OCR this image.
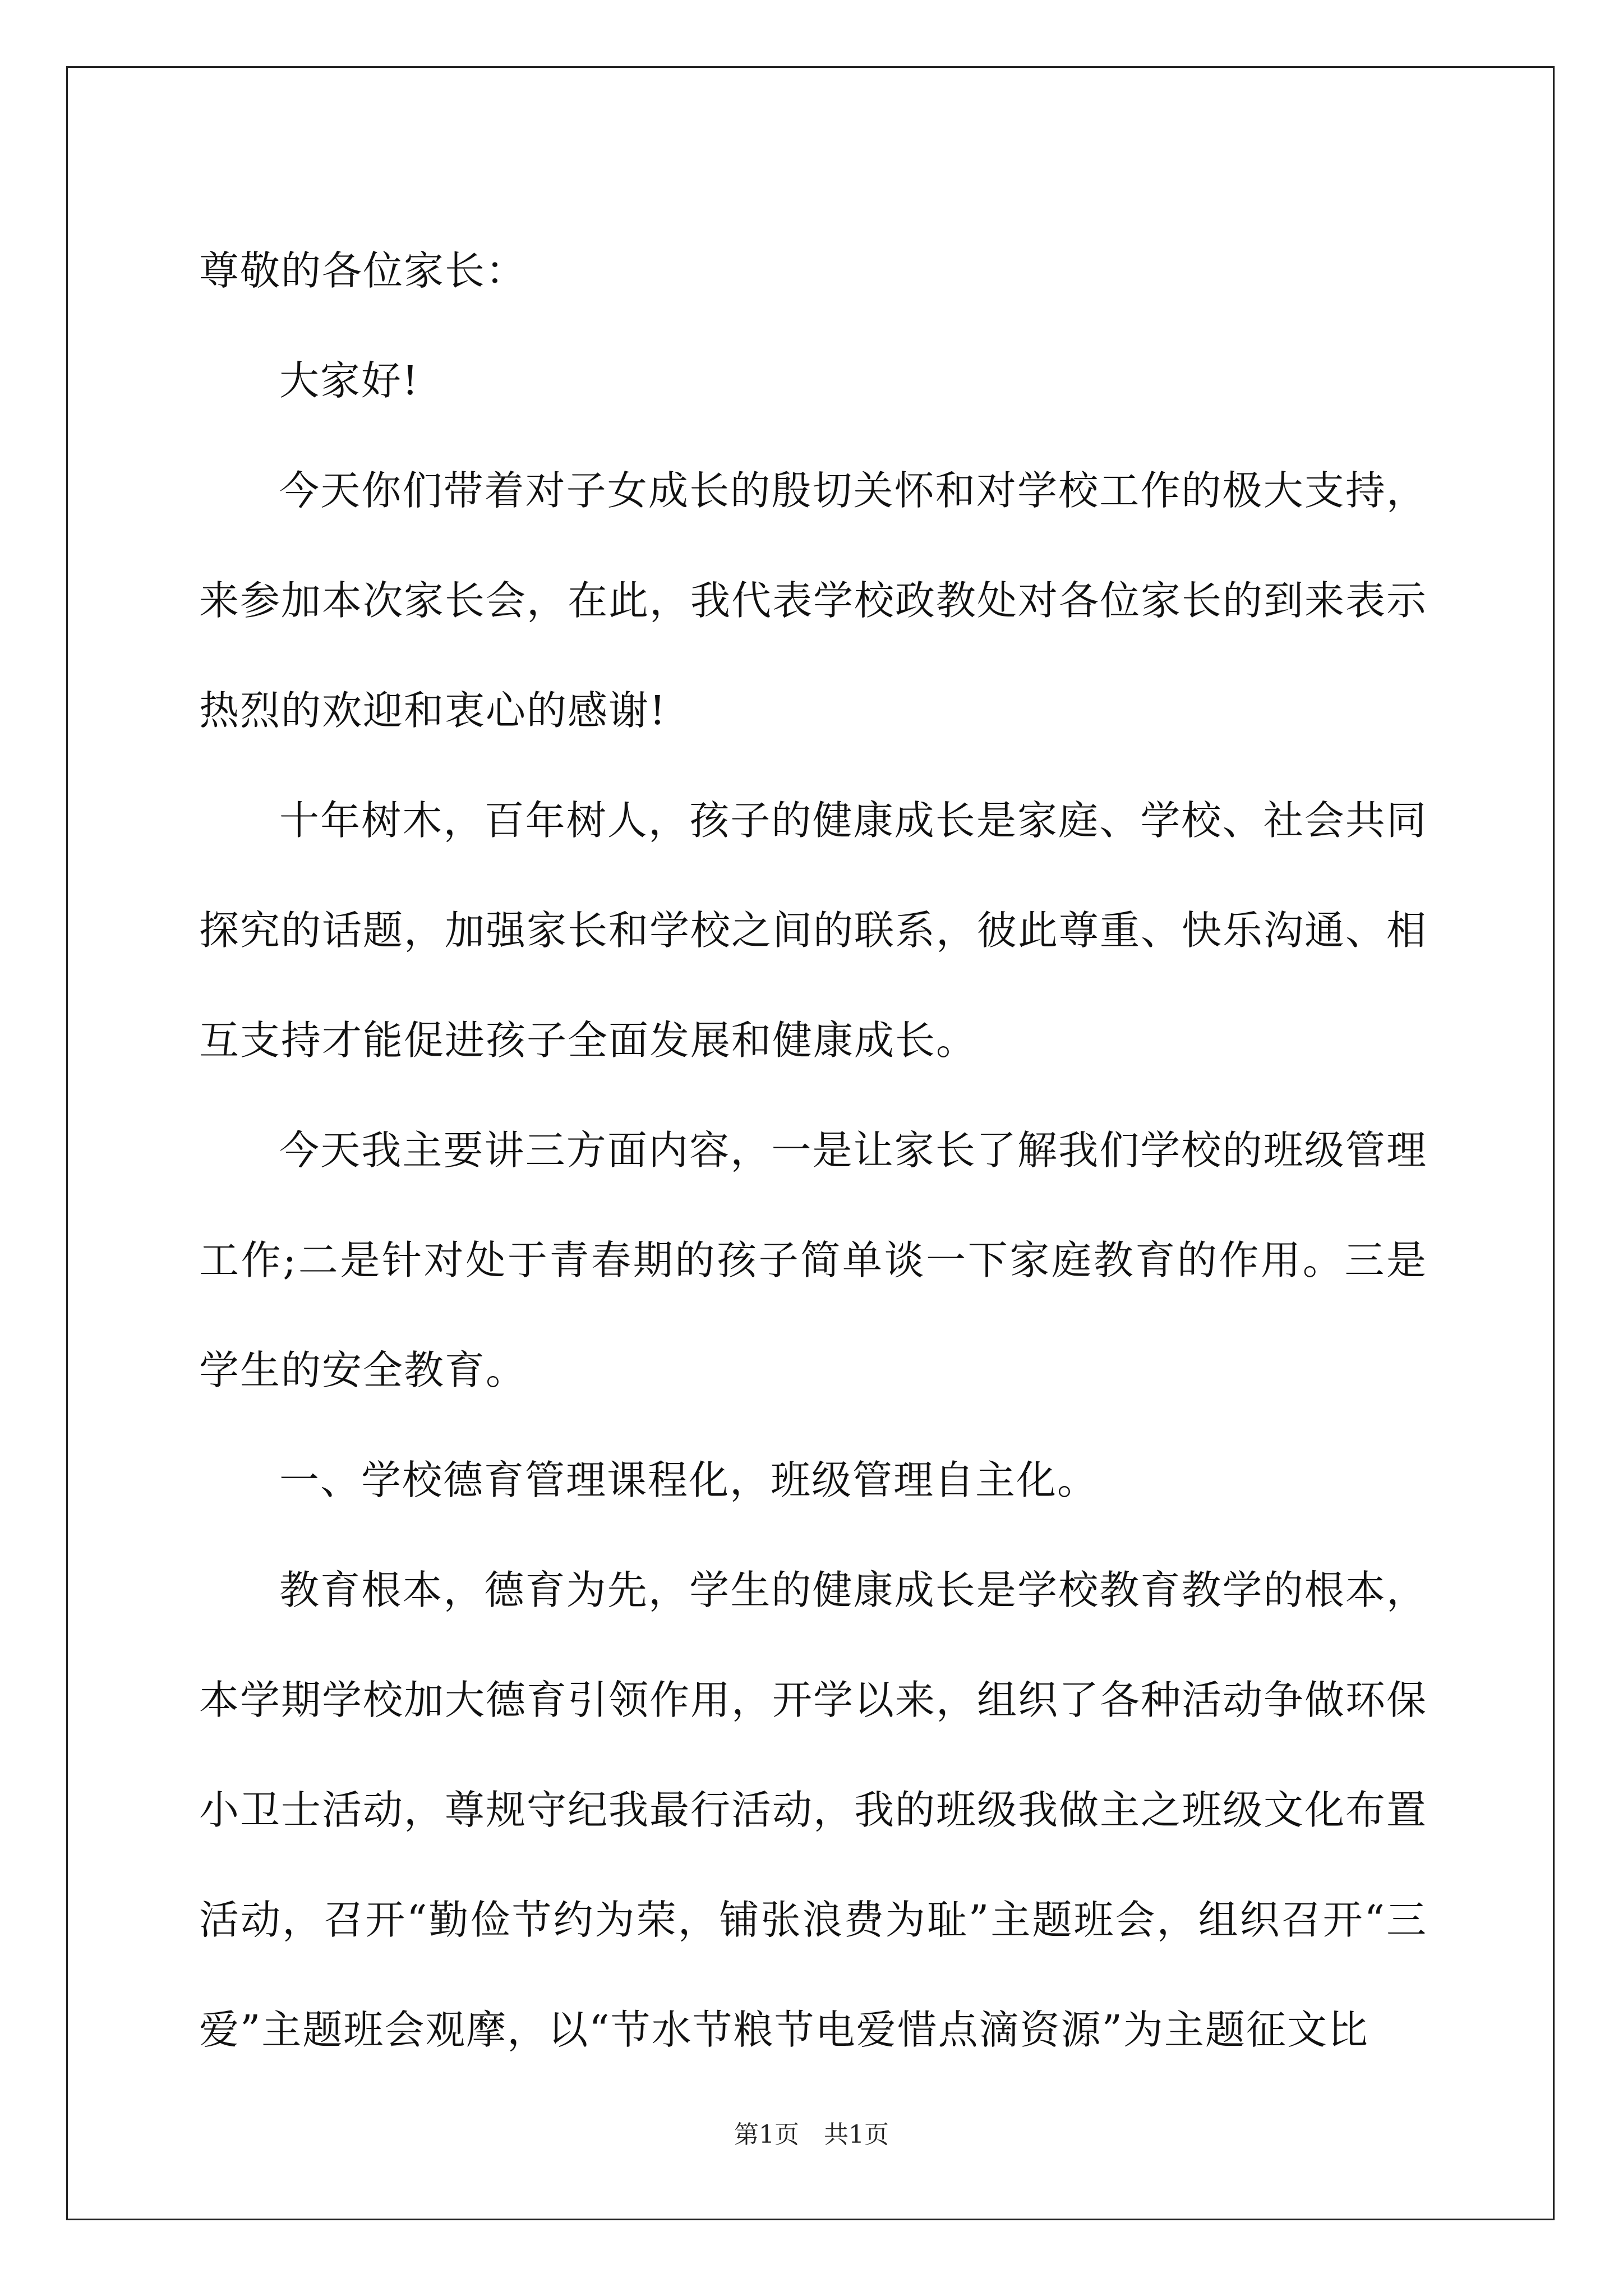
尊敬的各位家长：

大家好!

今天你们带着对子女成长的殷切关怀和对学校工作的极大支持，来参加本次家长会，在此，我代表学校政教处对各位家长的到来表示热烈的欢迎和衷心的感谢!

十年树木，百年树人，孩子的健康成长是家庭、学校、社会共同探究的话题，加强家长和学校之间的联系，彼此尊重、快乐沟通、相互支持才能促进孩子全面发展和健康成长。

今天我主要讲三方面内容，一是让家长了解我们学校的班级管理工作;二是针对处于青春期的孩子简单谈一下家庭教育的作用。三是学生的安全教育。

一、学校德育管理课程化，班级管理自主化。

教育根本，德育为先，学生的健康成长是学校教育教学的根本，本学期学校加大德育引领作用，开学以来，组织了各种活动争做环保小卫士活动，尊规守纪我最行活动，我的班级我做主之班级文化布置活动，召开“勤俭节约为荣，铺张浪费为耻”主题班会，组织召开“三爱”主题班会观摩，以“节水节粮节电爱惜点滴资源”为主题征文比

第1页 共1页
